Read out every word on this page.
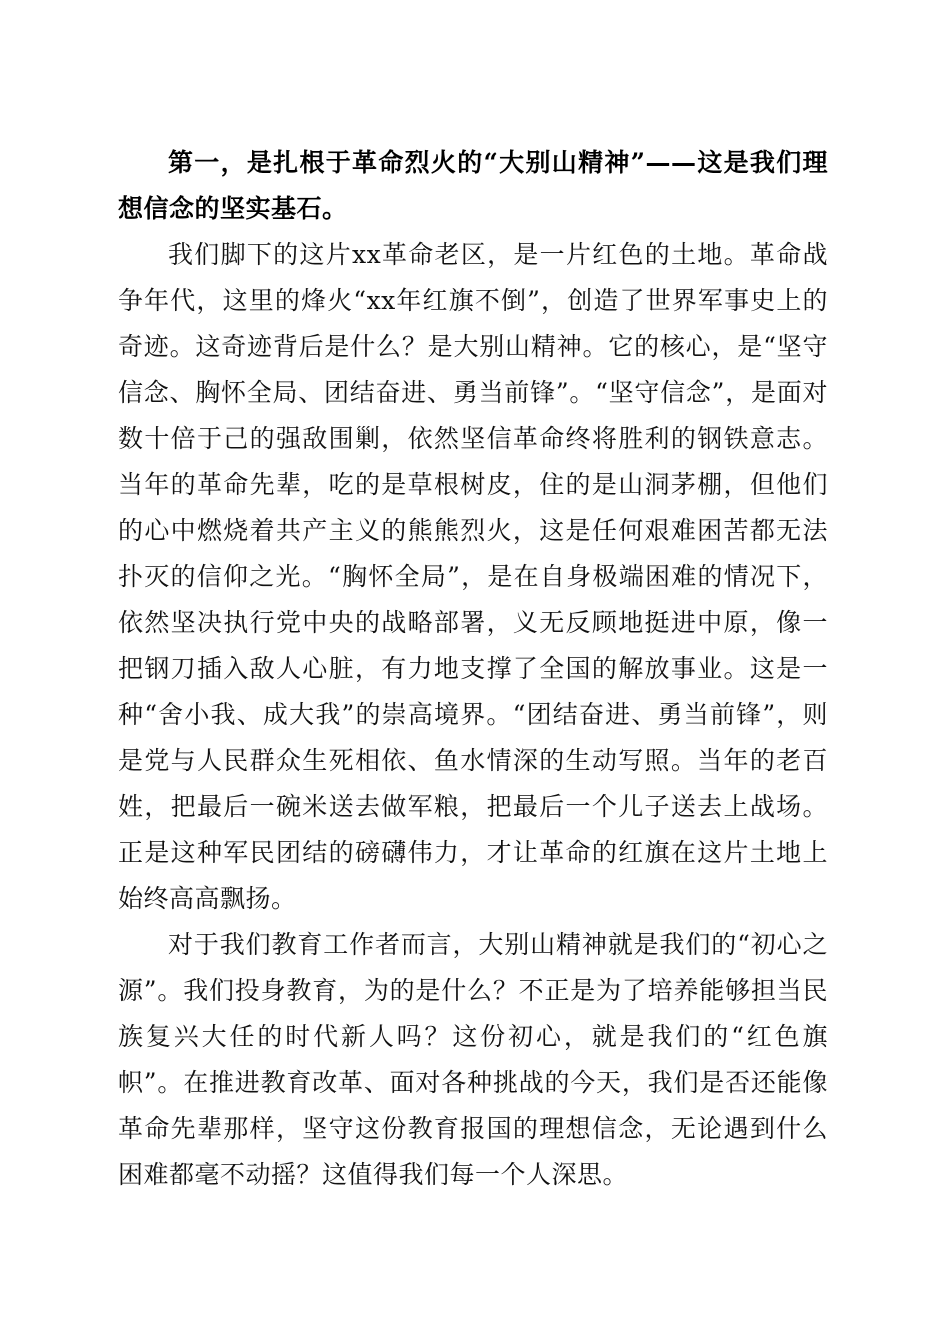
第一，是扎根于革命烈火的“大别山精神”——这是我们理想信念的坚实基石。

我们脚下的这片xx革命老区，是一片红色的土地。革命战争年代，这里的烽火“xx年红旗不倒”，创造了世界军事史上的奇迹。这奇迹背后是什么？是大别山精神。它的核心，是“坚守信念、胸怀全局、团结奋进、勇当前锋”。“坚守信念”，是面对数十倍于己的强敌围剿，依然坚信革命终将胜利的钢铁意志。当年的革命先辈，吃的是草根树皮，住的是山洞茅棚，但他们的心中燃烧着共产主义的熊熊烈火，这是任何艰难困苦都无法扑灭的信仰之光。“胸怀全局”，是在自身极端困难的情况下，依然坚决执行党中央的战略部署，义无反顾地挺进中原，像一把钢刀插入敌人心脏，有力地支撑了全国的解放事业。这是一种“舍小我、成大我”的崇高境界。“团结奋进、勇当前锋”，则是党与人民群众生死相依、鱼水情深的生动写照。当年的老百姓，把最后一碗米送去做军粮，把最后一个儿子送去上战场。正是这种军民团结的磅礴伟力，才让革命的红旗在这片土地上始终高高飘扬。

对于我们教育工作者而言，大别山精神就是我们的“初心之源”。我们投身教育，为的是什么？不正是为了培养能够担当民族复兴大任的时代新人吗？这份初心，就是我们的“红色旗帜”。在推进教育改革、面对各种挑战的今天，我们是否还能像革命先辈那样，坚守这份教育报国的理想信念，无论遇到什么困难都毫不动摇？这值得我们每一个人深思。
